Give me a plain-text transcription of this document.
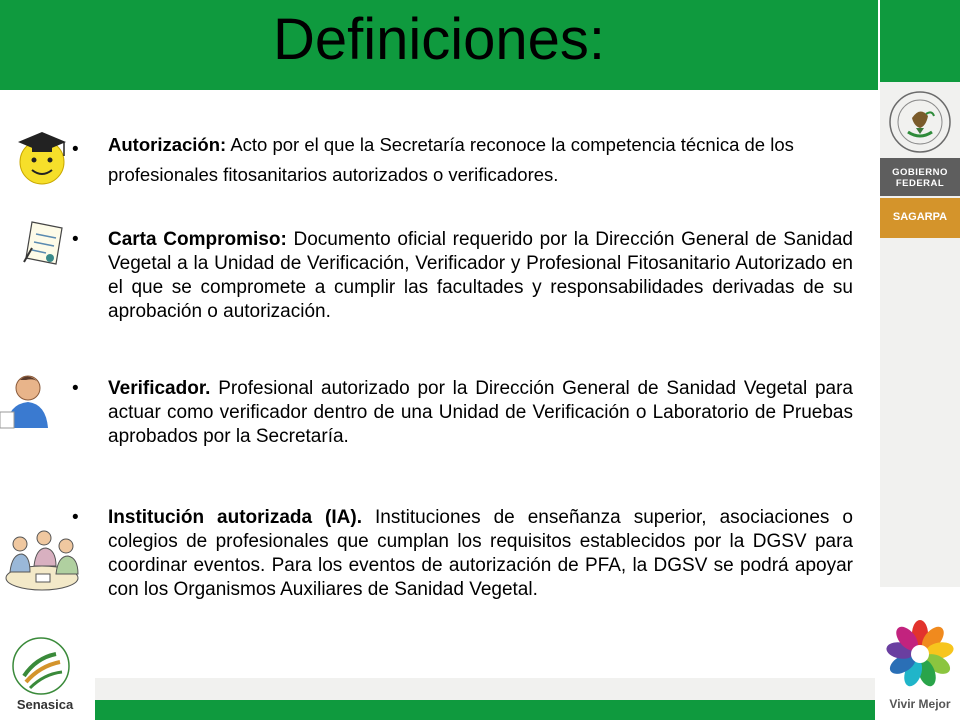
Definiciones:
GOBIERNO
FEDERAL
SAGARPA
Vivir Mejor
Senasica
• Autorización: Acto por el que la Secretaría reconoce la competencia técnica de los profesionales fitosanitarios autorizados o verificadores.
• Carta Compromiso: Documento oficial requerido por la Dirección General de Sanidad Vegetal a la Unidad de Verificación, Verificador y Profesional Fitosanitario Autorizado en el que se compromete a cumplir las facultades y responsabilidades derivadas de su aprobación o autorización.
• Verificador. Profesional autorizado por la Dirección General de Sanidad Vegetal para actuar como verificador dentro de una Unidad de Verificación o Laboratorio de Pruebas aprobados por la Secretaría.
• Institución autorizada (IA). Instituciones de enseñanza superior, asociaciones o colegios de profesionales que cumplan los requisitos establecidos por la DGSV para coordinar eventos. Para los eventos de autorización de PFA, la DGSV se podrá apoyar con los Organismos Auxiliares de Sanidad Vegetal.
